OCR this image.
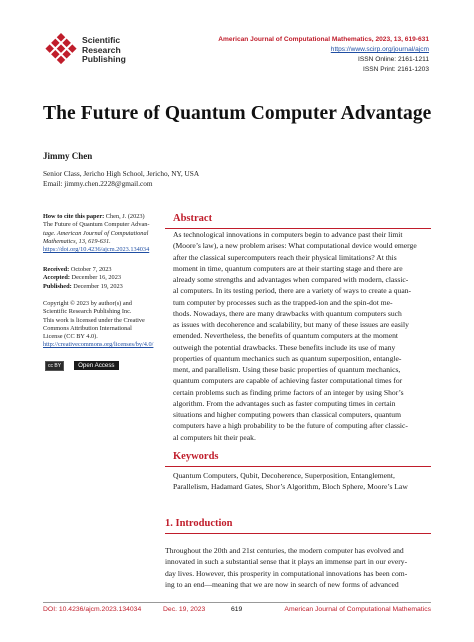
Scientific
Research
Publishing
American Journal of Computational Mathematics, 2023, 13, 619-631
https://www.scirp.org/journal/ajcm
ISSN Online: 2161-1211
ISSN Print: 2161-1203
The Future of Quantum Computer Advantage
Jimmy Chen
Senior Class, Jericho High School, Jericho, NY, USA
Email: jimmy.chen.2228@gmail.com
How to cite this paper: Chen, J. (2023)
The Future of Quantum Computer Advan-
tage. American Journal of Computational
Mathematics, 13, 619-631.
https://doi.org/10.4236/ajcm.2023.134034
Received: October 7, 2023
Accepted: December 16, 2023
Published: December 19, 2023
Copyright © 2023 by author(s) and
Scientific Research Publishing Inc.
This work is licensed under the Creative
Commons Attribution International
License (CC BY 4.0).
http://creativecommons.org/licenses/by/4.0/
cc BY	Open Access
Abstract
As technological innovations in computers begin to advance past their limit
(Moore’s law), a new problem arises: What computational device would emerge
after the classical supercomputers reach their physical limitations? At this
moment in time, quantum computers are at their starting stage and there are
already some strengths and advantages when compared with modern, classic-
al computers. In its testing period, there are a variety of ways to create a quan-
tum computer by processes such as the trapped-ion and the spin-dot me-
thods. Nowadays, there are many drawbacks with quantum computers such
as issues with decoherence and scalability, but many of these issues are easily
emended. Nevertheless, the benefits of quantum computers at the moment
outweigh the potential drawbacks. These benefits include its use of many
properties of quantum mechanics such as quantum superposition, entangle-
ment, and parallelism. Using these basic properties of quantum mechanics,
quantum computers are capable of achieving faster computational times for
certain problems such as finding prime factors of an integer by using Shor’s
algorithm. From the advantages such as faster computing times in certain
situations and higher computing powers than classical computers, quantum
computers have a high probability to be the future of computing after classic-
al computers hit their peak.
Keywords
Quantum Computers, Qubit, Decoherence, Superposition, Entanglement,
Parallelism, Hadamard Gates, Shor’s Algorithm, Bloch Sphere, Moore’s Law
1. Introduction
Throughout the 20th and 21st centuries, the modern computer has evolved and
innovated in such a substantial sense that it plays an immense part in our every-
day lives. However, this prosperity in computational innovations has been com-
ing to an end—meaning that we are now in search of new forms of advanced
DOI: 10.4236/ajcm.2023.134034	Dec. 19, 2023	619	American Journal of Computational Mathematics
